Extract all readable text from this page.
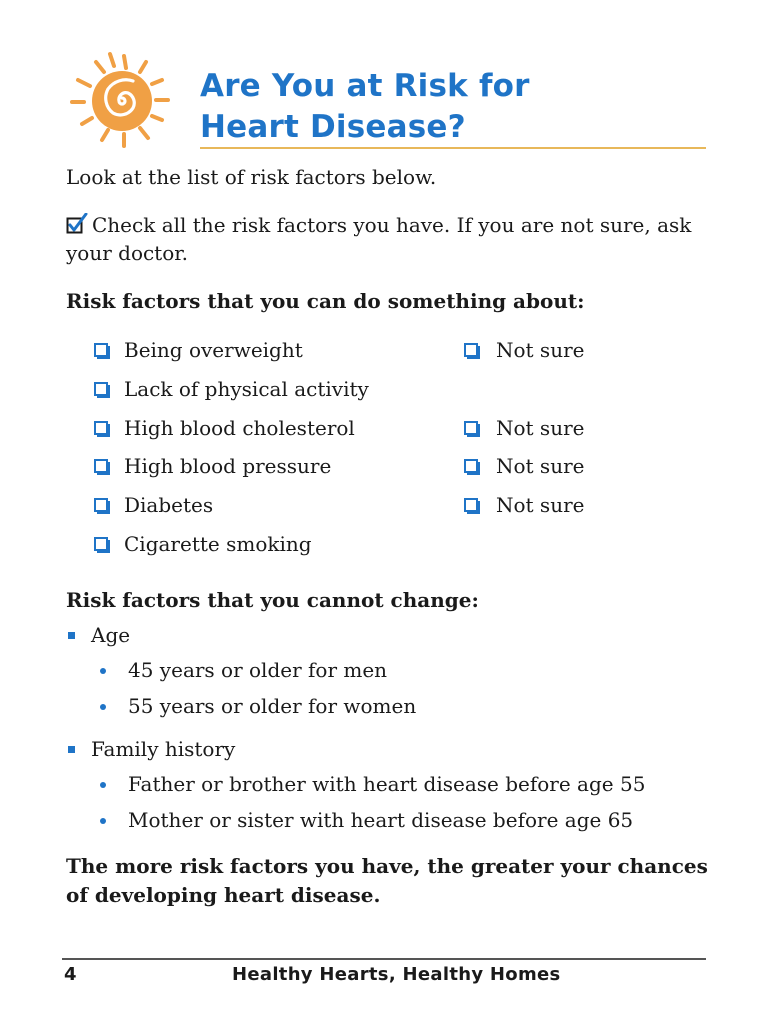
Are You at Risk for
Heart Disease?
Look at the list of risk factors below.
Check all the risk factors you have. If you are not sure, ask your doctor.
Risk factors that you can do something about:
Being overweight	Not sure
Lack of physical activity
High blood cholesterol	Not sure
High blood pressure	Not sure
Diabetes	Not sure
Cigarette smoking
Risk factors that you cannot change:
Age
45 years or older for men
55 years or older for women
Family history
Father or brother with heart disease before age 55
Mother or sister with heart disease before age 65
The more risk factors you have, the greater your chances of developing heart disease.
4	Healthy Hearts, Healthy Homes
